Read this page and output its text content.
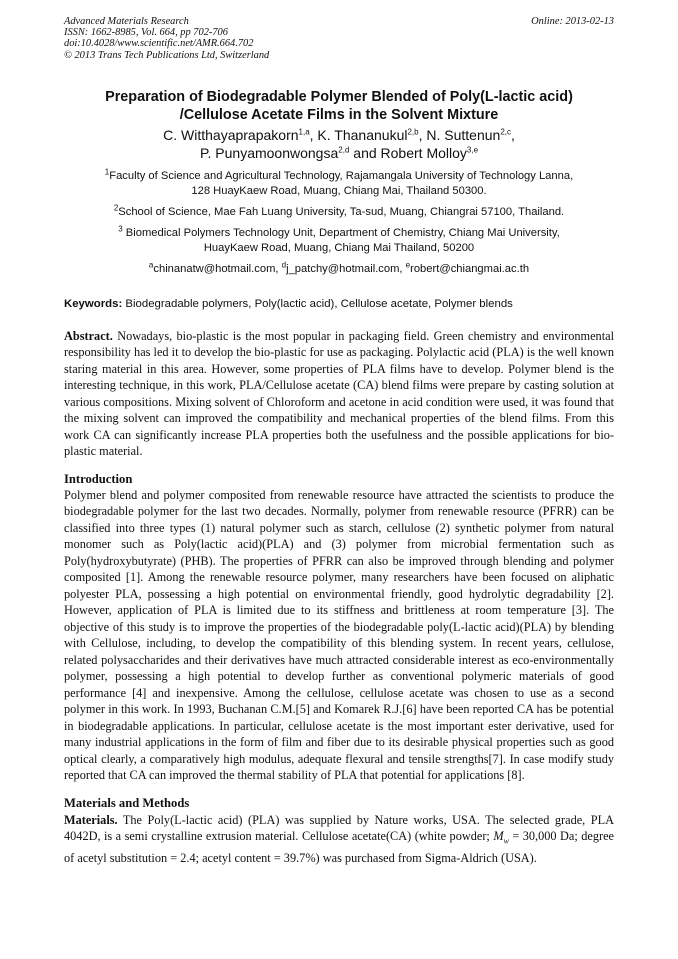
Advanced Materials Research
ISSN: 1662-8985, Vol. 664, pp 702-706
doi:10.4028/www.scientific.net/AMR.664.702
© 2013 Trans Tech Publications Ltd, Switzerland
Online: 2013-02-13
Preparation of Biodegradable Polymer Blended of Poly(L-lactic acid)
/Cellulose Acetate Films in the Solvent Mixture
C. Witthayaprapakorn$^{1,a}$, K. Thananukul$^{2,b}$, N. Suttenun$^{2,c}$,
P. Punyamoonwongsa$^{2,d}$ and Robert Molloy$^{3,e}$
$^1$Faculty of Science and Agricultural Technology, Rajamangala University of Technology Lanna,
128 HuayKaew Road, Muang, Chiang Mai, Thailand 50300.
$^2$School of Science, Mae Fah Luang University, Ta-sud, Muang, Chiangrai 57100, Thailand.
$^3$ Biomedical Polymers Technology Unit, Department of Chemistry, Chiang Mai University,
HuayKaew Road, Muang, Chiang Mai Thailand, 50200
$^a$chinanatw@hotmail.com, $^d$j_patchy@hotmail.com, $^e$robert@chiangmai.ac.th
Keywords: Biodegradable polymers, Poly(lactic acid), Cellulose acetate, Polymer blends
Abstract. Nowadays, bio-plastic is the most popular in packaging field. Green chemistry and environmental responsibility has led it to develop the bio-plastic for use as packaging. Polylactic acid (PLA) is the well known staring material in this area. However, some properties of PLA films have to develop. Polymer blend is the interesting technique, in this work, PLA/Cellulose acetate (CA) blend films were prepare by casting solution at various compositions. Mixing solvent of Chloroform and acetone in acid condition were used, it was found that the mixing solvent can improved the compatibility and mechanical properties of the blend films. From this work CA can significantly increase PLA properties both the usefulness and the possible applications for bio-plastic material.
Introduction
Polymer blend and polymer composited from renewable resource have attracted the scientists to produce the biodegradable polymer for the last two decades. Normally, polymer from renewable resource (PFRR) can be classified into three types (1) natural polymer such as starch, cellulose (2) synthetic polymer from natural monomer such as Poly(lactic acid)(PLA) and (3) polymer from microbial fermentation such as Poly(hydroxybutyrate) (PHB). The properties of PFRR can also be improved through blending and polymer composited [1]. Among the renewable resource polymer, many researchers have been focused on aliphatic polyester PLA, possessing a high potential on environmental friendly, good hydrolytic degradability [2]. However, application of PLA is limited due to its stiffness and brittleness at room temperature [3]. The objective of this study is to improve the properties of the biodegradable poly(L-lactic acid)(PLA) by blending with Cellulose, including, to develop the compatibility of this blending system. In recent years, cellulose, related polysaccharides and their derivatives have much attracted considerable interest as eco-environmentally polymer, possessing a high potential to develop further as conventional polymeric materials of good performance [4] and inexpensive. Among the cellulose, cellulose acetate was chosen to use as a second polymer in this work. In 1993, Buchanan C.M.[5] and Komarek R.J.[6] have been reported CA has be potential in biodegradable applications. In particular, cellulose acetate is the most important ester derivative, used for many industrial applications in the form of film and fiber due to its desirable physical properties such as good optical clearly, a comparatively high modulus, adequate flexural and tensile strengths[7]. In case modify study reported that CA can improved the thermal stability of PLA that potential for applications [8].
Materials and Methods
Materials. The Poly(L-lactic acid) (PLA) was supplied by Nature works, USA. The selected grade, PLA 4042D, is a semi crystalline extrusion material. Cellulose acetate(CA) (white powder; $M_w = 30,000$ Da; degree of acetyl substitution = 2.4; acetyl content = 39.7%) was purchased from Sigma-Aldrich (USA).
